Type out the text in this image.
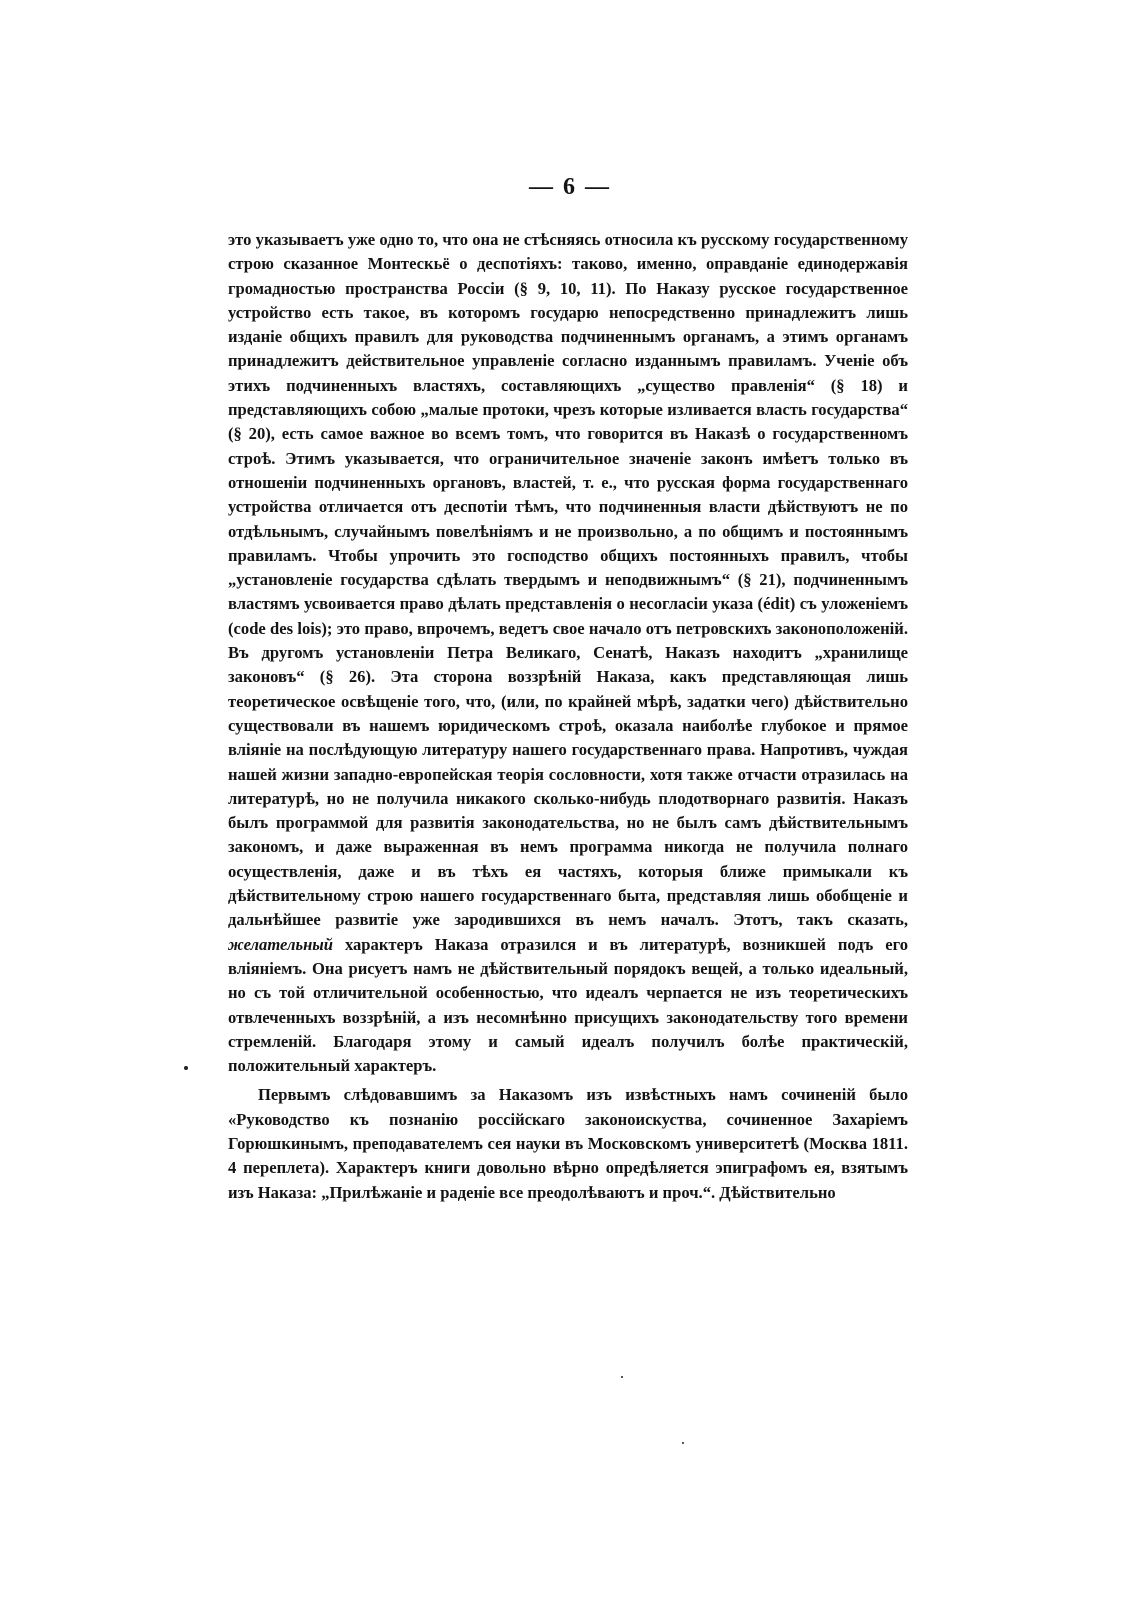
— 6 —

это указываетъ уже одно то, что она не стѣсняясь относила къ русскому государственному строю сказанное Монтескьё о деспотіяхъ: таково, именно, оправданіе единодержавія громадностью пространства Россіи (§ 9, 10, 11). По Наказу русское государственное устройство есть такое, въ которомъ государю непосредственно принадлежитъ лишь изданіе общихъ правилъ для руководства подчиненнымъ органамъ, а этимъ органамъ принадлежитъ действительное управленіе согласно изданнымъ правиламъ. Ученіе объ этихъ подчиненныхъ властяхъ, составляющихъ „существо правленія“ (§ 18) и представляющихъ собою „малые протоки, чрезъ которые изливается власть государства“ (§ 20), есть самое важное во всемъ томъ, что говорится въ Наказѣ о государственномъ строѣ. Этимъ указывается, что ограничительное значеніе законъ имѣетъ только въ отношеніи подчиненныхъ органовъ, властей, т. е., что русская форма государственнаго устройства отличается отъ деспотіи тѣмъ, что подчиненныя власти дѣйствуютъ не по отдѣльнымъ, случайнымъ повелѣніямъ и не произвольно, а по общимъ и постояннымъ правиламъ. Чтобы упрочить это господство общихъ постоянныхъ правилъ, чтобы „установленіе государства сдѣлать твердымъ и неподвижнымъ“ (§ 21), подчиненнымъ властямъ усвоивается право дѣлать представленія о несогласіи указа (édit) съ уложеніемъ (code des lois); это право, впрочемъ, ведетъ свое начало отъ петровскихъ законоположеній. Въ другомъ установленіи Петра Великаго, Сенатѣ, Наказъ находитъ „хранилище законовъ“ (§ 26). Эта сторона воззрѣній Наказа, какъ представляющая лишь теоретическое освѣщеніе того, что, (или, по крайней мѣрѣ, задатки чего) дѣйствительно существовали въ нашемъ юридическомъ строѣ, оказала наиболѣе глубокое и прямое вліяніе на послѣдующую литературу нашего государственнаго права. Напротивъ, чуждая нашей жизни западно-европейская теорія сословности, хотя также отчасти отразилась на литературѣ, но не получила никакого сколько-нибудь плодотворнаго развитія. Наказъ былъ программой для развитія законодательства, но не былъ самъ дѣйствительнымъ закономъ, и даже выраженная въ немъ программа никогда не получила полнаго осуществленія, даже и въ тѣхъ ея частяхъ, которыя ближе примыкали къ дѣйствительному строю нашего государственнаго быта, представляя лишь обобщеніе и дальнѣйшее развитіе уже зародившихся въ немъ началъ. Этотъ, такъ сказать, желательный характеръ Наказа отразился и въ литературѣ, возникшей подъ его вліяніемъ. Она рисуетъ намъ не дѣйствительный порядокъ вещей, а только идеальный, но съ той отличительной особенностью, что идеалъ черпается не изъ теоретическихъ отвлеченныхъ воззрѣній, а изъ несомнѣнно присущихъ законодательству того времени стремленій. Благодаря этому и самый идеалъ получилъ болѣе практическій, положительный характеръ.

Первымъ слѣдовавшимъ за Наказомъ изъ извѣстныхъ намъ сочиненій было «Руководство къ познанію россійскаго законоискуства, сочиненное Захаріемъ Горюшкинымъ, преподавателемъ сея науки въ Московскомъ университетѣ (Москва 1811. 4 переплета). Характеръ книги довольно вѣрно опредѣляется эпиграфомъ ея, взятымъ изъ Наказа: „Прилѣжаніе и раденіе все преодолѣваютъ и проч.“. Дѣйствительно
